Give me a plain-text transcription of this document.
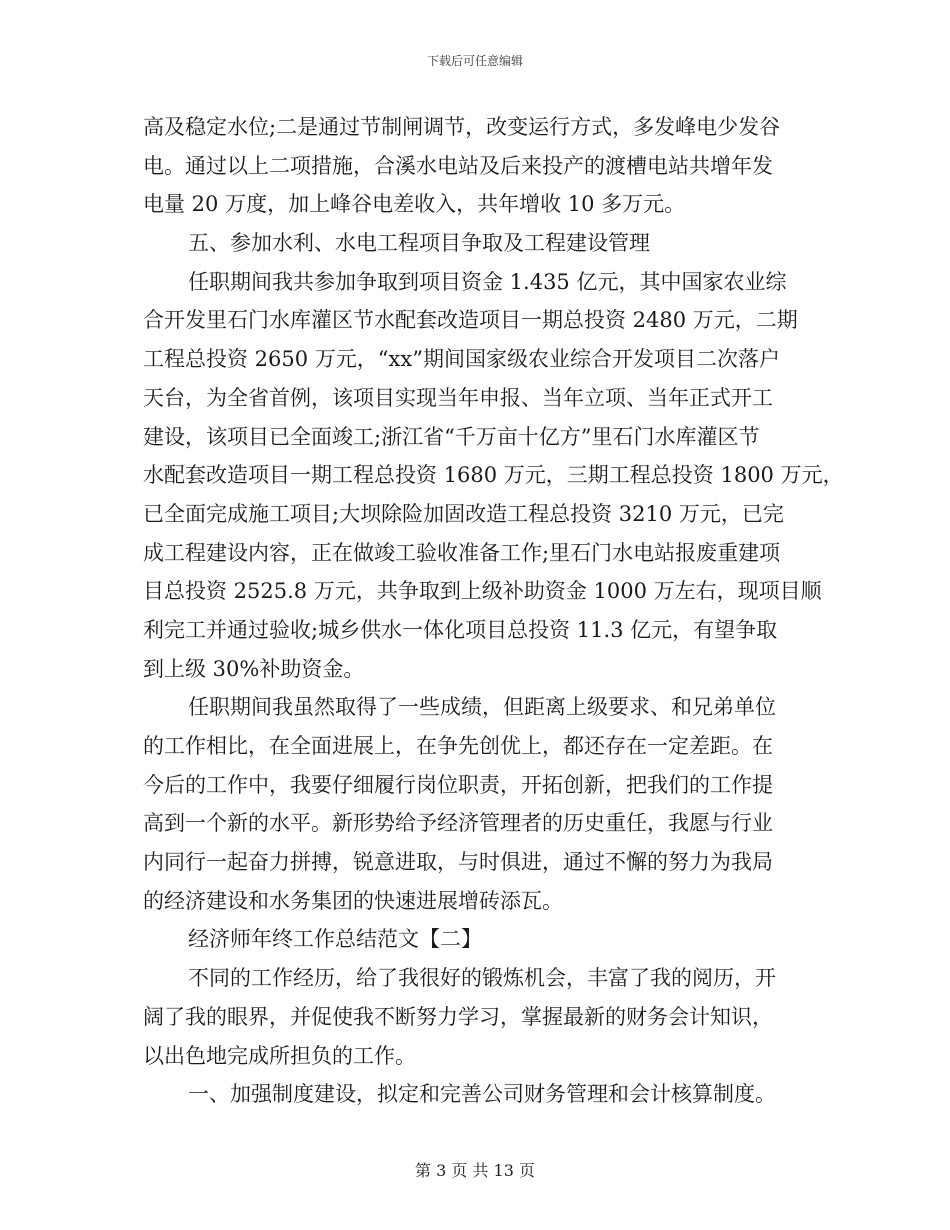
下载后可任意编辑
高及稳定水位;二是通过节制闸调节，改变运行方式，多发峰电少发谷
电。通过以上二项措施，合溪水电站及后来投产的渡槽电站共增年发
电量 20 万度，加上峰谷电差收入，共年增收 10 多万元。
五、参加水利、水电工程项目争取及工程建设管理
任职期间我共参加争取到项目资金 1.435 亿元，其中国家农业综
合开发里石门水库灌区节水配套改造项目一期总投资 2480 万元，二期
工程总投资 2650 万元，“xx”期间国家级农业综合开发项目二次落户
天台，为全省首例，该项目实现当年申报、当年立项、当年正式开工
建设，该项目已全面竣工;浙江省“千万亩十亿方”里石门水库灌区节
水配套改造项目一期工程总投资 1680 万元，三期工程总投资 1800 万元，
已全面完成施工项目;大坝除险加固改造工程总投资 3210 万元，已完
成工程建设内容，正在做竣工验收准备工作;里石门水电站报废重建项
目总投资 2525.8 万元，共争取到上级补助资金 1000 万左右，现项目顺
利完工并通过验收;城乡供水一体化项目总投资 11.3 亿元，有望争取
到上级 30%补助资金。
任职期间我虽然取得了一些成绩，但距离上级要求、和兄弟单位
的工作相比，在全面进展上，在争先创优上，都还存在一定差距。在
今后的工作中，我要仔细履行岗位职责，开拓创新，把我们的工作提
高到一个新的水平。新形势给予经济管理者的历史重任，我愿与行业
内同行一起奋力拼搏，锐意进取，与时俱进，通过不懈的努力为我局
的经济建设和水务集团的快速进展增砖添瓦。
经济师年终工作总结范文【二】
不同的工作经历，给了我很好的锻炼机会，丰富了我的阅历，开
阔了我的眼界，并促使我不断努力学习，掌握最新的财务会计知识，
以出色地完成所担负的工作。
一、加强制度建设，拟定和完善公司财务管理和会计核算制度。
第 3 页 共 13 页
